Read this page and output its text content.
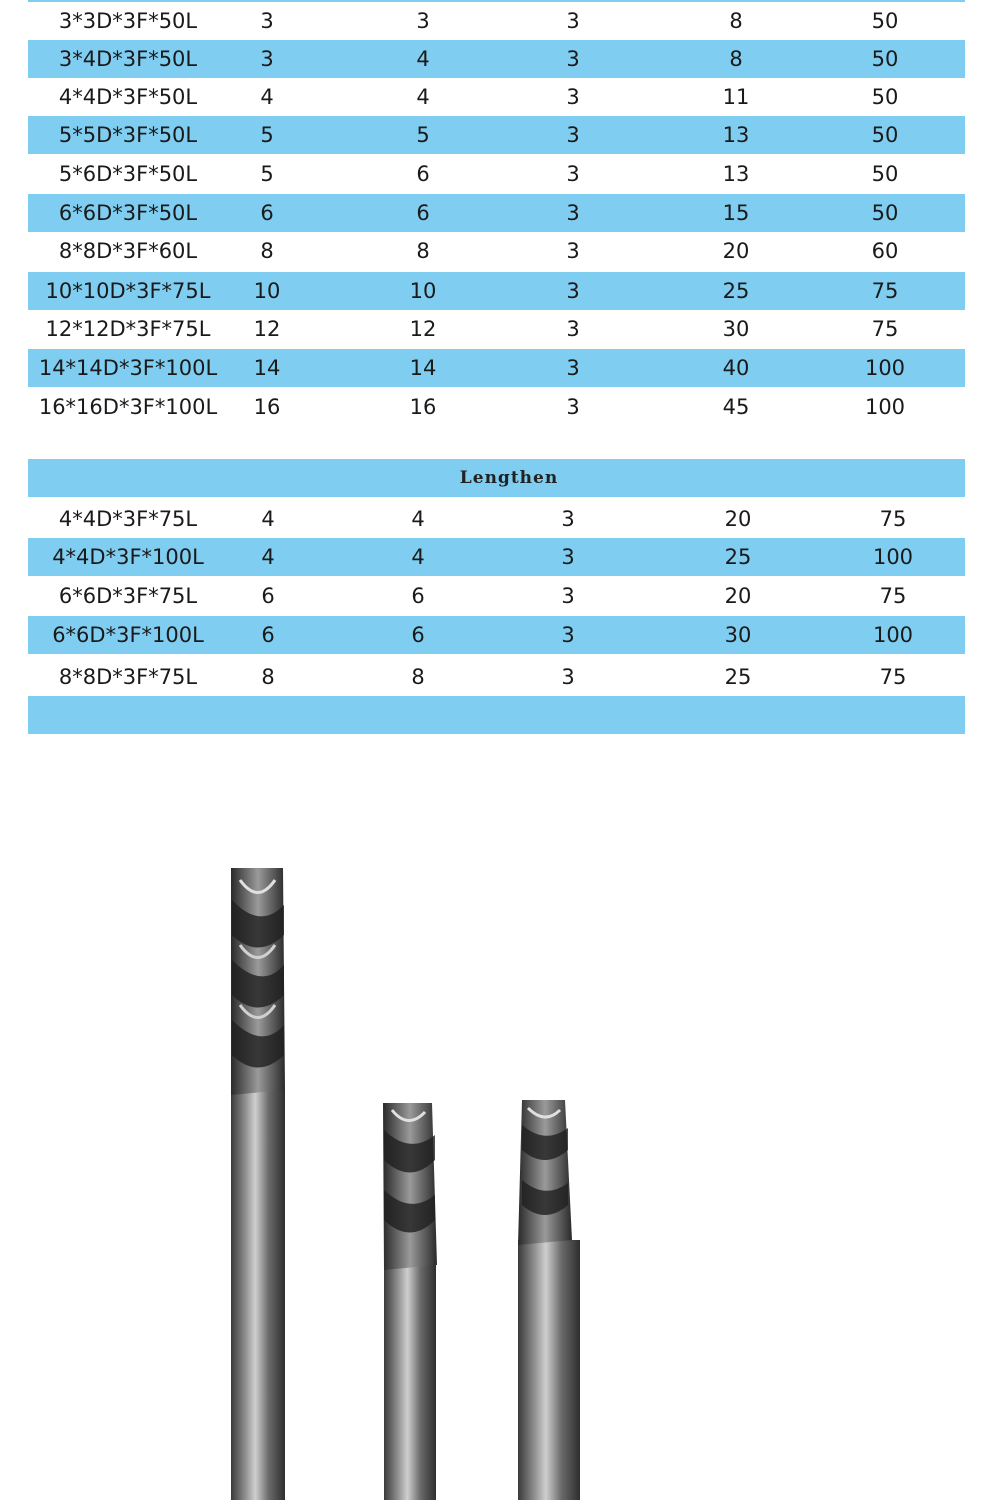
3*3D*3F*50L	3	3	3	8	50
3*4D*3F*50L	3	4	3	8	50
4*4D*3F*50L	4	4	3	11	50
5*5D*3F*50L	5	5	3	13	50
5*6D*3F*50L	5	6	3	13	50
6*6D*3F*50L	6	6	3	15	50
8*8D*3F*60L	8	8	3	20	60
10*10D*3F*75L	10	10	3	25	75
12*12D*3F*75L	12	12	3	30	75
14*14D*3F*100L	14	14	3	40	100
16*16D*3F*100L	16	16	3	45	100
Lengthen
4*4D*3F*75L	4	4	3	20	75
4*4D*3F*100L	4	4	3	25	100
6*6D*3F*75L	6	6	3	20	75
6*6D*3F*100L	6	6	3	30	100
8*8D*3F*75L	8	8	3	25	75
